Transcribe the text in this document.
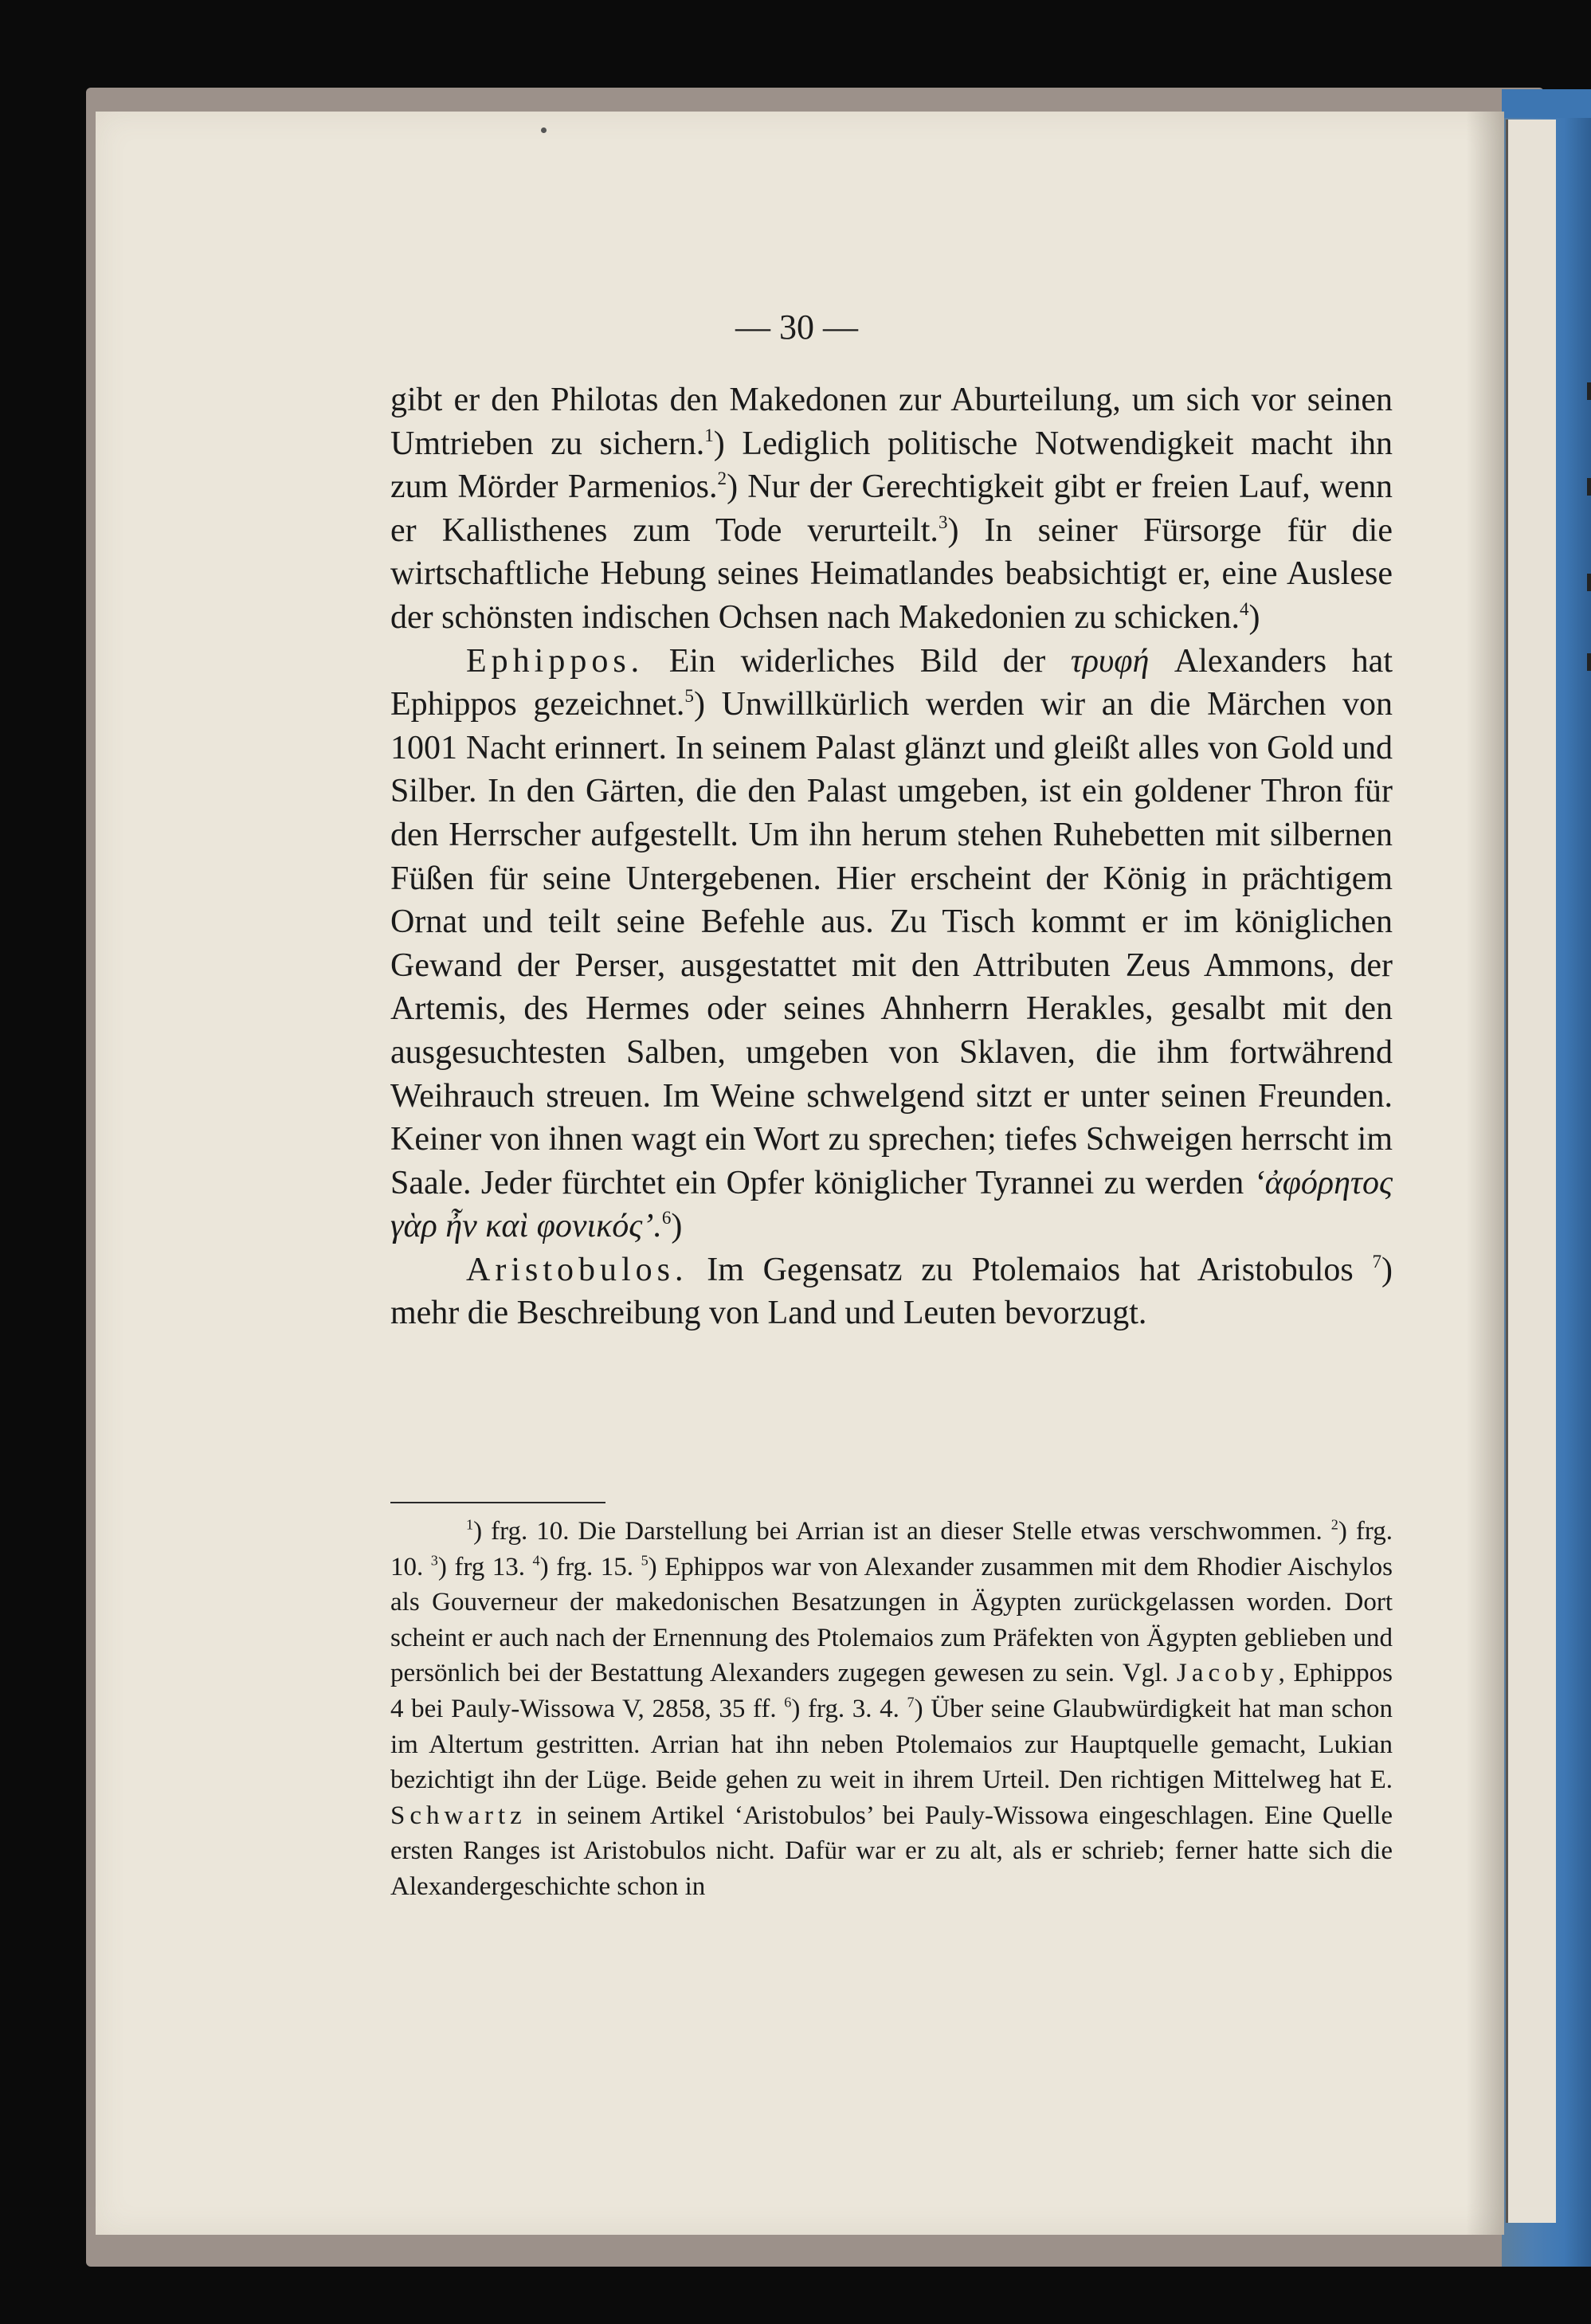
— 30 —

gibt er den Philotas den Makedonen zur Aburteilung, um sich vor seinen Umtrieben zu sichern.$^1$) Lediglich politische Notwendigkeit macht ihn zum Mörder Parmenios.$^2$) Nur der Gerechtigkeit gibt er freien Lauf, wenn er Kallisthenes zum Tode verurteilt.$^3$) In seiner Fürsorge für die wirtschaftliche Hebung seines Heimatlandes beabsichtigt er, eine Auslese der schönsten indischen Ochsen nach Makedonien zu schicken.$^4$)

Ephippos. Ein widerliches Bild der τρυφή Alexanders hat Ephippos gezeichnet.$^5$) Unwillkürlich werden wir an die Märchen von 1001 Nacht erinnert. In seinem Palast glänzt und gleißt alles von Gold und Silber. In den Gärten, die den Palast umgeben, ist ein goldener Thron für den Herrscher aufgestellt. Um ihn herum stehen Ruhebetten mit silbernen Füßen für seine Untergebenen. Hier erscheint der König in prächtigem Ornat und teilt seine Befehle aus. Zu Tisch kommt er im königlichen Gewand der Perser, ausgestattet mit den Attributen Zeus Ammons, der Artemis, des Hermes oder seines Ahnherrn Herakles, gesalbt mit den ausgesuchtesten Salben, umgeben von Sklaven, die ihm fortwährend Weihrauch streuen. Im Weine schwelgend sitzt er unter seinen Freunden. Keiner von ihnen wagt ein Wort zu sprechen; tiefes Schweigen herrscht im Saale. Jeder fürchtet ein Opfer königlicher Tyrannei zu werden ‘ἀφόρητος γὰρ ἦν καὶ φονικός’.$^6$)

Aristobulos. Im Gegensatz zu Ptolemaios hat Aristobulos $^7$) mehr die Beschreibung von Land und Leuten bevorzugt.

$^1$) frg. 10. Die Darstellung bei Arrian ist an dieser Stelle etwas verschwommen. $^2$) frg. 10. $^3$) frg 13. $^4$) frg. 15. $^5$) Ephippos war von Alexander zusammen mit dem Rhodier Aischylos als Gouverneur der makedonischen Besatzungen in Ägypten zurückgelassen worden. Dort scheint er auch nach der Ernennung des Ptolemaios zum Präfekten von Ägypten geblieben und persönlich bei der Bestattung Alexanders zugegen gewesen zu sein. Vgl. Jacoby, Ephippos 4 bei Pauly-Wissowa V, 2858, 35 ff. $^6$) frg. 3. 4. $^7$) Über seine Glaubwürdigkeit hat man schon im Altertum gestritten. Arrian hat ihn neben Ptolemaios zur Hauptquelle gemacht, Lukian bezichtigt ihn der Lüge. Beide gehen zu weit in ihrem Urteil. Den richtigen Mittelweg hat E. Schwartz in seinem Artikel ‘Aristobulos’ bei Pauly-Wissowa eingeschlagen. Eine Quelle ersten Ranges ist Aristobulos nicht. Dafür war er zu alt, als er schrieb; ferner hatte sich die Alexandergeschichte schon in
